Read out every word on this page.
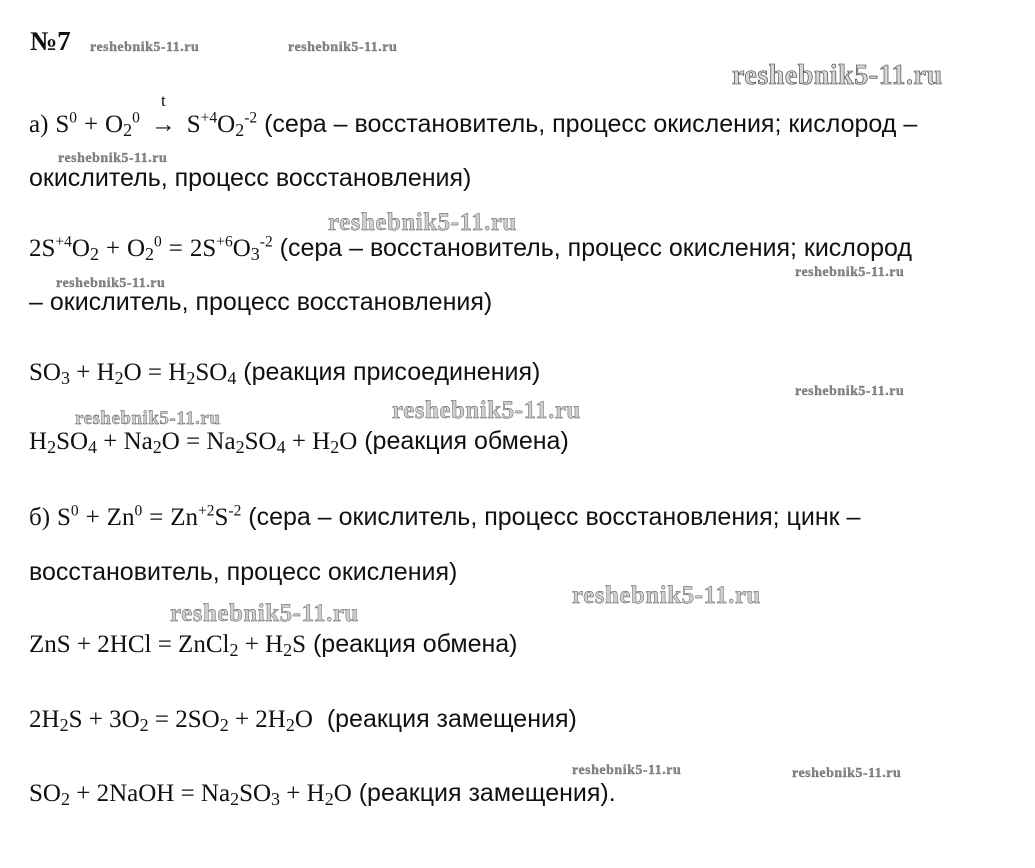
№7 reshebnik5-11.ru	reshebnik5-11.ru
reshebnik5-11.ru
reshebnik5-11.ru
reshebnik5-11.ru
reshebnik5-11.ru
reshebnik5-11.ru
reshebnik5-11.ru
reshebnik5-11.ru	reshebnik5-11.ru
reshebnik5-11.ru
reshebnik5-11.ru
reshebnik5-11.ru	reshebnik5-11.ru
а) $S^0 + O_2^0$
t
→ $S^{+4}O_2^{-2}$ (сера – восстановитель, процесс окисления; кислород –
окислитель, процесс восстановления)
$2S^{+4}O_2 + O_2^0 = 2S^{+6}O_3^{-2}$ (сера – восстановитель, процесс окисления; кислород
– окислитель, процесс восстановления)
$SO_3 + H_2O = H_2SO_4$ (реакция присоединения)
$H_2SO_4 + Na_2O = Na_2SO_4 + H_2O$ (реакция обмена)
б) $S^0 + Zn^0 = Zn^{+2}S^{-2}$ (сера – окислитель, процесс восстановления; цинк –
восстановитель, процесс окисления)
ZnS + 2HCl = ZnCl$_2$ + $H_2S$ (реакция обмена)
$2H_2S + 3O_2 = 2SO_2 + 2H_2O$ (реакция замещения)
$SO_2$ + 2NaOH = $Na_2SO_3 + H_2O$ (реакция замещения).
